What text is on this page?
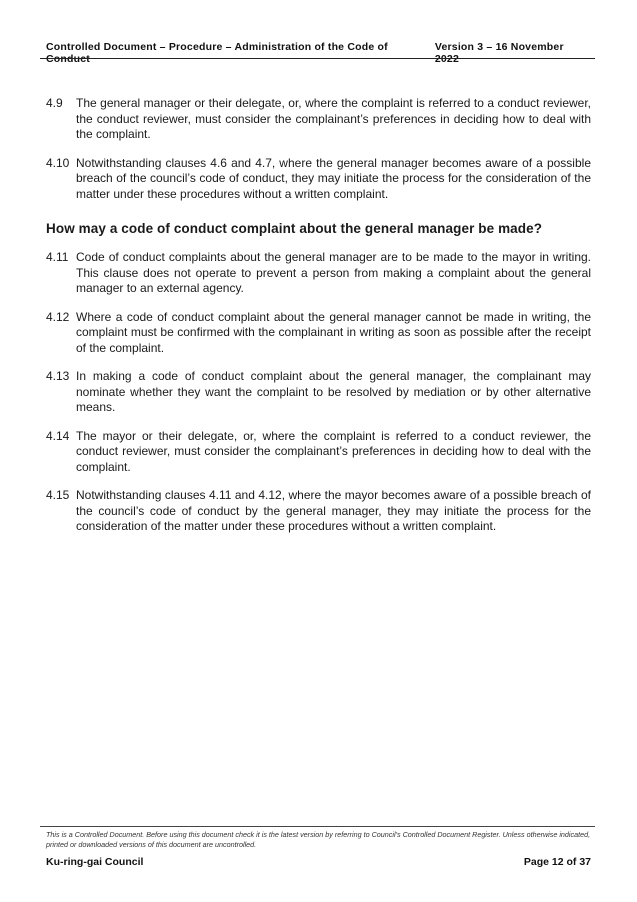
Controlled Document – Procedure – Administration of the Code of Conduct
Version 3 – 16 November 2022
4.9	The general manager or their delegate, or, where the complaint is referred to a conduct reviewer, the conduct reviewer, must consider the complainant’s preferences in deciding how to deal with the complaint.
4.10 Notwithstanding clauses 4.6 and 4.7, where the general manager becomes aware of a possible breach of the council’s code of conduct, they may initiate the process for the consideration of the matter under these procedures without a written complaint.
How may a code of conduct complaint about the general manager be made?
4.11 Code of conduct complaints about the general manager are to be made to the mayor in writing. This clause does not operate to prevent a person from making a complaint about the general manager to an external agency.
4.12 Where a code of conduct complaint about the general manager cannot be made in writing, the complaint must be confirmed with the complainant in writing as soon as possible after the receipt of the complaint.
4.13 In making a code of conduct complaint about the general manager, the complainant may nominate whether they want the complaint to be resolved by mediation or by other alternative means.
4.14 The mayor or their delegate, or, where the complaint is referred to a conduct reviewer, the conduct reviewer, must consider the complainant’s preferences in deciding how to deal with the complaint.
4.15 Notwithstanding clauses 4.11 and 4.12, where the mayor becomes aware of a possible breach of the council’s code of conduct by the general manager, they may initiate the process for the consideration of the matter under these procedures without a written complaint.
This is a Controlled Document. Before using this document check it is the latest version by referring to Council’s Controlled Document Register. Unless otherwise indicated, printed or downloaded versions of this document are uncontrolled.
Ku-ring-gai Council	Page 12 of 37
